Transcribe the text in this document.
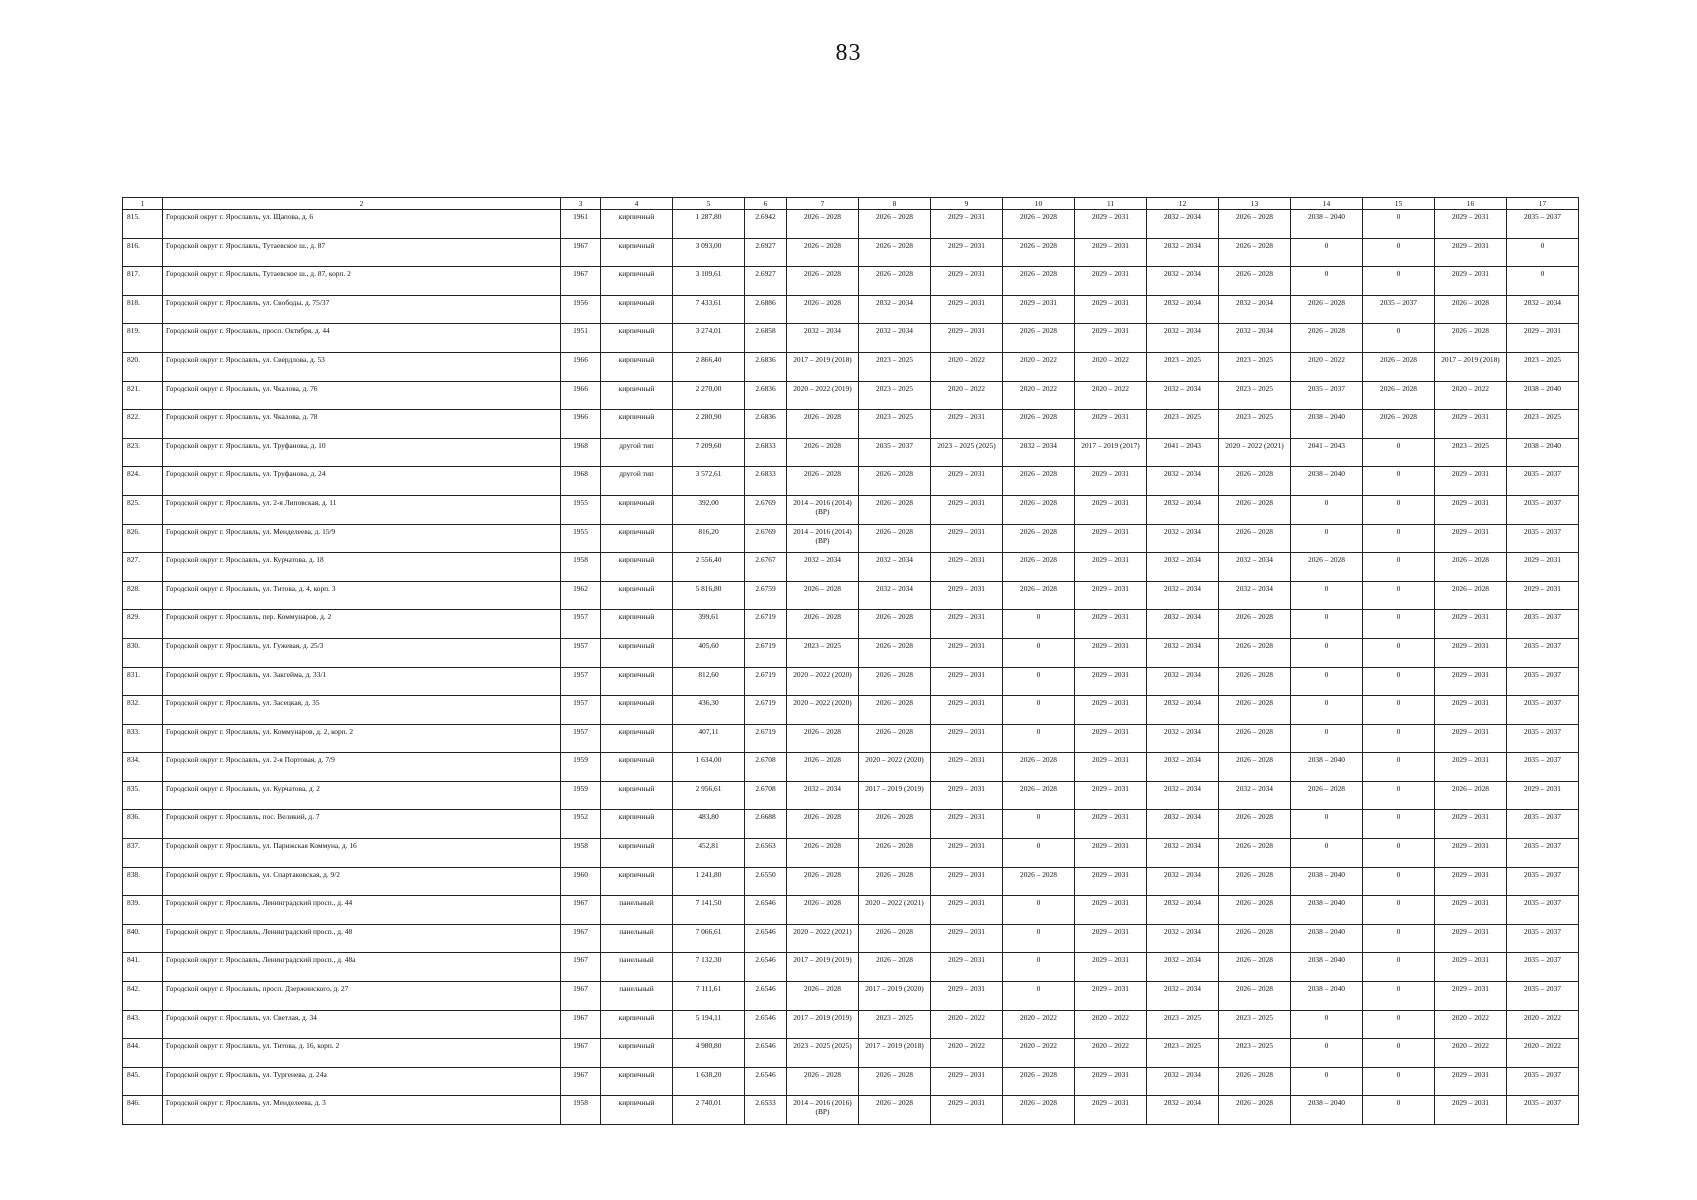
83
1	2	3	4	5	6	7	8	9	10	11	12	13	14	15	16	17
815.	Городской округ г. Ярославль, ул. Щапова, д. 6	1961	кирпичный	1 287,80	2.6942	2026 – 2028	2026 – 2028	2029 – 2031	2026 – 2028	2029 – 2031	2032 – 2034	2026 – 2028	2038 – 2040	0	2029 – 2031	2035 – 2037
816.	Городской округ г. Ярославль, Тутаевское ш., д. 87	1967	кирпичный	3 093,00	2.6927	2026 – 2028	2026 – 2028	2029 – 2031	2026 – 2028	2029 – 2031	2032 – 2034	2026 – 2028	0	0	2029 – 2031	0
817.	Городской округ г. Ярославль, Тутаевское ш., д. 87, корп. 2	1967	кирпичный	3 109,61	2.6927	2026 – 2028	2026 – 2028	2029 – 2031	2026 – 2028	2029 – 2031	2032 – 2034	2026 – 2028	0	0	2029 – 2031	0
818.	Городской округ г. Ярославль, ул. Свободы, д. 75/37	1956	кирпичный	7 433,61	2.6886	2026 – 2028	2032 – 2034	2029 – 2031	2029 – 2031	2029 – 2031	2032 – 2034	2032 – 2034	2026 – 2028	2035 – 2037	2026 – 2028	2032 – 2034
819.	Городской округ г. Ярославль, просп. Октября, д. 44	1951	кирпичный	3 274,01	2.6858	2032 – 2034	2032 – 2034	2029 – 2031	2026 – 2028	2029 – 2031	2032 – 2034	2032 – 2034	2026 – 2028	0	2026 – 2028	2029 – 2031
820.	Городской округ г. Ярославль, ул. Свердлова, д. 53	1966	кирпичный	2 866,40	2.6836	2017 – 2019 (2018)	2023 – 2025	2020 – 2022	2020 – 2022	2020 – 2022	2023 – 2025	2023 – 2025	2020 – 2022	2026 – 2028	2017 – 2019 (2018)	2023 – 2025
821.	Городской округ г. Ярославль, ул. Чкалова, д. 76	1966	кирпичный	2 270,00	2.6836	2020 – 2022 (2019)	2023 – 2025	2020 – 2022	2020 – 2022	2020 – 2022	2032 – 2034	2023 – 2025	2035 – 2037	2026 – 2028	2020 – 2022	2038 – 2040
822.	Городской округ г. Ярославль, ул. Чкалова, д. 78	1966	кирпичный	2 280,90	2.6836	2026 – 2028	2023 – 2025	2029 – 2031	2026 – 2028	2029 – 2031	2023 – 2025	2023 – 2025	2038 – 2040	2026 – 2028	2029 – 2031	2023 – 2025
823.	Городской округ г. Ярославль, ул. Труфанова, д. 10	1968	другой тип	7 209,60	2.6833	2026 – 2028	2035 – 2037	2023 – 2025 (2025)	2032 – 2034	2017 – 2019 (2017)	2041 – 2043	2020 – 2022 (2021)	2041 – 2043	0	2023 – 2025	2038 – 2040
824.	Городской округ г. Ярославль, ул. Труфанова, д. 24	1968	другой тип	3 572,61	2.6833	2026 – 2028	2026 – 2028	2029 – 2031	2026 – 2028	2029 – 2031	2032 – 2034	2026 – 2028	2038 – 2040	0	2029 – 2031	2035 – 2037
825.	Городской округ г. Ярославль, ул. 2-я Липовская, д. 11	1955	кирпичный	392,00	2.6769	2014 – 2016 (2014) (ВР)	2026 – 2028	2029 – 2031	2026 – 2028	2029 – 2031	2032 – 2034	2026 – 2028	0	0	2029 – 2031	2035 – 2037
826.	Городской округ г. Ярославль, ул. Менделеева, д. 15/9	1955	кирпичный	816,20	2.6769	2014 – 2016 (2014) (ВР)	2026 – 2028	2029 – 2031	2026 – 2028	2029 – 2031	2032 – 2034	2026 – 2028	0	0	2029 – 2031	2035 – 2037
827.	Городской округ г. Ярославль, ул. Курчатова, д. 18	1958	кирпичный	2 556,40	2.6767	2032 – 2034	2032 – 2034	2029 – 2031	2026 – 2028	2029 – 2031	2032 – 2034	2032 – 2034	2026 – 2028	0	2026 – 2028	2029 – 2031
828.	Городской округ г. Ярославль, ул. Титова, д. 4, корп. 3	1962	кирпичный	5 816,80	2.6759	2026 – 2028	2032 – 2034	2029 – 2031	2026 – 2028	2029 – 2031	2032 – 2034	2032 – 2034	0	0	2026 – 2028	2029 – 2031
829.	Городской округ г. Ярославль, пер. Коммунаров, д. 2	1957	кирпичный	399,61	2.6719	2026 – 2028	2026 – 2028	2029 – 2031	0	2029 – 2031	2032 – 2034	2026 – 2028	0	0	2029 – 2031	2035 – 2037
830.	Городской округ г. Ярославль, ул. Гужевая, д. 25/3	1957	кирпичный	405,60	2.6719	2023 – 2025	2026 – 2028	2029 – 2031	0	2029 – 2031	2032 – 2034	2026 – 2028	0	0	2029 – 2031	2035 – 2037
831.	Городской округ г. Ярославль, ул. Закгейма, д. 33/1	1957	кирпичный	812,60	2.6719	2020 – 2022 (2020)	2026 – 2028	2029 – 2031	0	2029 – 2031	2032 – 2034	2026 – 2028	0	0	2029 – 2031	2035 – 2037
832.	Городской округ г. Ярославль, ул. Засецкая, д. 35	1957	кирпичный	436,30	2.6719	2020 – 2022 (2020)	2026 – 2028	2029 – 2031	0	2029 – 2031	2032 – 2034	2026 – 2028	0	0	2029 – 2031	2035 – 2037
833.	Городской округ г. Ярославль, ул. Коммунаров, д. 2, корп. 2	1957	кирпичный	407,11	2.6719	2026 – 2028	2026 – 2028	2029 – 2031	0	2029 – 2031	2032 – 2034	2026 – 2028	0	0	2029 – 2031	2035 – 2037
834.	Городской округ г. Ярославль, ул. 2-я Портовая, д. 7/9	1959	кирпичный	1 634,00	2.6708	2026 – 2028	2020 – 2022 (2020)	2029 – 2031	2026 – 2028	2029 – 2031	2032 – 2034	2026 – 2028	2038 – 2040	0	2029 – 2031	2035 – 2037
835.	Городской округ г. Ярославль, ул. Курчатова, д. 2	1959	кирпичный	2 956,61	2.6708	2032 – 2034	2017 – 2019 (2019)	2029 – 2031	2026 – 2028	2029 – 2031	2032 – 2034	2032 – 2034	2026 – 2028	0	2026 – 2028	2029 – 2031
836.	Городской округ г. Ярославль, пос. Великий, д. 7	1952	кирпичный	483,80	2.6688	2026 – 2028	2026 – 2028	2029 – 2031	0	2029 – 2031	2032 – 2034	2026 – 2028	0	0	2029 – 2031	2035 – 2037
837.	Городской округ г. Ярославль, ул. Парижская Коммуна, д. 16	1958	кирпичный	452,81	2.6563	2026 – 2028	2026 – 2028	2029 – 2031	0	2029 – 2031	2032 – 2034	2026 – 2028	0	0	2029 – 2031	2035 – 2037
838.	Городской округ г. Ярославль, ул. Спартаковская, д. 9/2	1960	кирпичный	1 241,80	2.6550	2026 – 2028	2026 – 2028	2029 – 2031	2026 – 2028	2029 – 2031	2032 – 2034	2026 – 2028	2038 – 2040	0	2029 – 2031	2035 – 2037
839.	Городской округ г. Ярославль, Ленинградский просп., д. 44	1967	панельный	7 141,50	2.6546	2026 – 2028	2020 – 2022 (2021)	2029 – 2031	0	2029 – 2031	2032 – 2034	2026 – 2028	2038 – 2040	0	2029 – 2031	2035 – 2037
840.	Городской округ г. Ярославль, Ленинградский просп., д. 48	1967	панельный	7 066,61	2.6546	2020 – 2022 (2021)	2026 – 2028	2029 – 2031	0	2029 – 2031	2032 – 2034	2026 – 2028	2038 – 2040	0	2029 – 2031	2035 – 2037
841.	Городской округ г. Ярославль, Ленинградский просп., д. 48а	1967	панельный	7 132,30	2.6546	2017 – 2019 (2019)	2026 – 2028	2029 – 2031	0	2029 – 2031	2032 – 2034	2026 – 2028	2038 – 2040	0	2029 – 2031	2035 – 2037
842.	Городской округ г. Ярославль, просп. Дзержинского, д. 27	1967	панельный	7 111,61	2.6546	2026 – 2028	2017 – 2019 (2020)	2029 – 2031	0	2029 – 2031	2032 – 2034	2026 – 2028	2038 – 2040	0	2029 – 2031	2035 – 2037
843.	Городской округ г. Ярославль, ул. Светлая, д. 34	1967	кирпичный	5 194,11	2.6546	2017 – 2019 (2019)	2023 – 2025	2020 – 2022	2020 – 2022	2020 – 2022	2023 – 2025	2023 – 2025	0	0	2020 – 2022	2020 – 2022
844.	Городской округ г. Ярославль, ул. Титова, д. 16, корп. 2	1967	кирпичный	4 980,80	2.6546	2023 – 2025 (2025)	2017 – 2019 (2018)	2020 – 2022	2020 – 2022	2020 – 2022	2023 – 2025	2023 – 2025	0	0	2020 – 2022	2020 – 2022
845.	Городской округ г. Ярославль, ул. Тургенева, д. 24а	1967	кирпичный	1 638,20	2.6546	2026 – 2028	2026 – 2028	2029 – 2031	2026 – 2028	2029 – 2031	2032 – 2034	2026 – 2028	0	0	2029 – 2031	2035 – 2037
846.	Городской округ г. Ярославль, ул. Менделеева, д. 3	1958	кирпичный	2 740,01	2.6533	2014 – 2016 (2016) (ВР)	2026 – 2028	2029 – 2031	2026 – 2028	2029 – 2031	2032 – 2034	2026 – 2028	2038 – 2040	0	2029 – 2031	2035 – 2037
